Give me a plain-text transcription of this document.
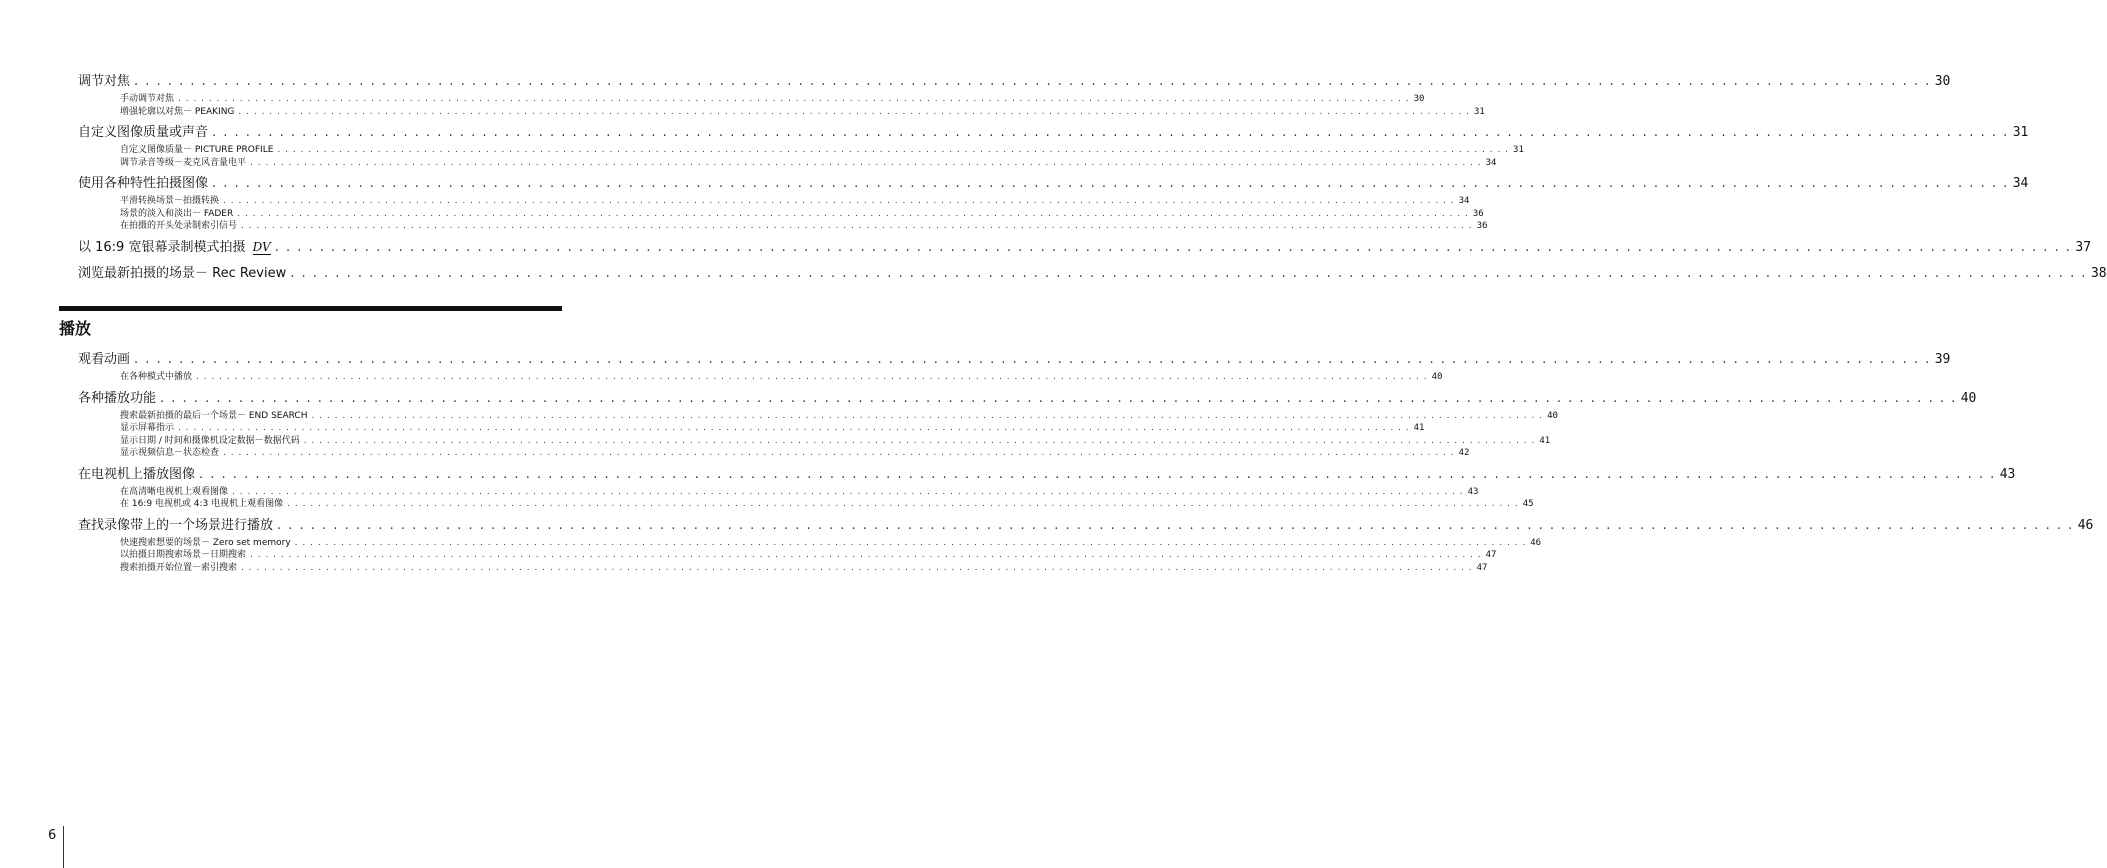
调节对焦 . . . . . . . . . . . . . . . . . . . . . . . . . . . . . . . . . . . . . . . . . . . . . . . . . . . . . . . . . . . . . . . . . . . . . . . . . . . . . . . . . . . . . . . . . . . . . . . . . . . . . . . . . . . . . . . . . . . . . . . . . . . . . . . . . . . . . . . . . . . . . . . . . . . . . . . . . . . . . . . . 30
手动调节对焦 . . . . . . . . . . . . . . . . . . . . . . . . . . . . . . . . . . . . . . . . . . . . . . . . . . . . . . . . . . . . . . . . . . . . . . . . . . . . . . . . . . . . . . . . . . . . . . . . . . . . . . . . . . . . . . . . . . . . . . . . . . . . . . . . . . . . . . . . . . . . . . . . . . . . . . . . . . . . . . . . 30
增强轮廓以对焦－ PEAKING . . . . . . . . . . . . . . . . . . . . . . . . . . . . . . . . . . . . . . . . . . . . . . . . . . . . . . . . . . . . . . . . . . . . . . . . . . . . . . . . . . . . . . . . . . . . . . . . . . . . . . . . . . . . . . . . . . . . . . . . . . . . . . . . . . . . . . . . . . . . . . . . . . . . . . . . . . . . . . . . 31
自定义图像质量或声音 . . . . . . . . . . . . . . . . . . . . . . . . . . . . . . . . . . . . . . . . . . . . . . . . . . . . . . . . . . . . . . . . . . . . . . . . . . . . . . . . . . . . . . . . . . . . . . . . . . . . . . . . . . . . . . . . . . . . . . . . . . . . . . . . . . . . . . . . . . . . . . . . . . . . . . . . . . . . . . . . 31
自定义图像质量－ PICTURE PROFILE . . . . . . . . . . . . . . . . . . . . . . . . . . . . . . . . . . . . . . . . . . . . . . . . . . . . . . . . . . . . . . . . . . . . . . . . . . . . . . . . . . . . . . . . . . . . . . . . . . . . . . . . . . . . . . . . . . . . . . . . . . . . . . . . . . . . . . . . . . . . . . . . . . . . . . . . . . . . . . . . 31
调节录音等级－麦克风音量电平 . . . . . . . . . . . . . . . . . . . . . . . . . . . . . . . . . . . . . . . . . . . . . . . . . . . . . . . . . . . . . . . . . . . . . . . . . . . . . . . . . . . . . . . . . . . . . . . . . . . . . . . . . . . . . . . . . . . . . . . . . . . . . . . . . . . . . . . . . . . . . . . . . . . . . . . . . . . . . . . . 34
使用各种特性拍摄图像 . . . . . . . . . . . . . . . . . . . . . . . . . . . . . . . . . . . . . . . . . . . . . . . . . . . . . . . . . . . . . . . . . . . . . . . . . . . . . . . . . . . . . . . . . . . . . . . . . . . . . . . . . . . . . . . . . . . . . . . . . . . . . . . . . . . . . . . . . . . . . . . . . . . . . . . . . . . . . . . . 34
平滑转换场景－拍摄转换 . . . . . . . . . . . . . . . . . . . . . . . . . . . . . . . . . . . . . . . . . . . . . . . . . . . . . . . . . . . . . . . . . . . . . . . . . . . . . . . . . . . . . . . . . . . . . . . . . . . . . . . . . . . . . . . . . . . . . . . . . . . . . . . . . . . . . . . . . . . . . . . . . . . . . . . . . . . . . . . . 34
场景的淡入和淡出－ FADER . . . . . . . . . . . . . . . . . . . . . . . . . . . . . . . . . . . . . . . . . . . . . . . . . . . . . . . . . . . . . . . . . . . . . . . . . . . . . . . . . . . . . . . . . . . . . . . . . . . . . . . . . . . . . . . . . . . . . . . . . . . . . . . . . . . . . . . . . . . . . . . . . . . . . . . . . . . . . . . . 36
在拍摄的开头处录制索引信号 . . . . . . . . . . . . . . . . . . . . . . . . . . . . . . . . . . . . . . . . . . . . . . . . . . . . . . . . . . . . . . . . . . . . . . . . . . . . . . . . . . . . . . . . . . . . . . . . . . . . . . . . . . . . . . . . . . . . . . . . . . . . . . . . . . . . . . . . . . . . . . . . . . . . . . . . . . . . . . . . 36
以 16:9 宽银幕录制模式拍摄 DV . . . . . . . . . . . . . . . . . . . . . . . . . . . . . . . . . . . . . . . . . . . . . . . . . . . . . . . . . . . . . . . . . . . . . . . . . . . . . . . . . . . . . . . . . . . . . . . . . . . . . . . . . . . . . . . . . . . . . . . . . . . . . . . . . . . . . . . . . . . . . . . . . . . . . . . . . . . . . . . . 37
浏览最新拍摄的场景－ Rec Review . . . . . . . . . . . . . . . . . . . . . . . . . . . . . . . . . . . . . . . . . . . . . . . . . . . . . . . . . . . . . . . . . . . . . . . . . . . . . . . . . . . . . . . . . . . . . . . . . . . . . . . . . . . . . . . . . . . . . . . . . . . . . . . . . . . . . . . . . . . . . . . . . . . . . . . . . . . . . . . . 38
播放
观看动画 . . . . . . . . . . . . . . . . . . . . . . . . . . . . . . . . . . . . . . . . . . . . . . . . . . . . . . . . . . . . . . . . . . . . . . . . . . . . . . . . . . . . . . . . . . . . . . . . . . . . . . . . . . . . . . . . . . . . . . . . . . . . . . . . . . . . . . . . . . . . . . . . . . . . . . . . . . . . . . . . 39
在各种模式中播放 . . . . . . . . . . . . . . . . . . . . . . . . . . . . . . . . . . . . . . . . . . . . . . . . . . . . . . . . . . . . . . . . . . . . . . . . . . . . . . . . . . . . . . . . . . . . . . . . . . . . . . . . . . . . . . . . . . . . . . . . . . . . . . . . . . . . . . . . . . . . . . . . . . . . . . . . . . . . . . . . 40
各种播放功能 . . . . . . . . . . . . . . . . . . . . . . . . . . . . . . . . . . . . . . . . . . . . . . . . . . . . . . . . . . . . . . . . . . . . . . . . . . . . . . . . . . . . . . . . . . . . . . . . . . . . . . . . . . . . . . . . . . . . . . . . . . . . . . . . . . . . . . . . . . . . . . . . . . . . . . . . . . . . . . . . 40
搜索最新拍摄的最后一个场景－ END SEARCH . . . . . . . . . . . . . . . . . . . . . . . . . . . . . . . . . . . . . . . . . . . . . . . . . . . . . . . . . . . . . . . . . . . . . . . . . . . . . . . . . . . . . . . . . . . . . . . . . . . . . . . . . . . . . . . . . . . . . . . . . . . . . . . . . . . . . . . . . . . . . . . . . . . . . . . . . . . . . . . . 40
显示屏幕指示 . . . . . . . . . . . . . . . . . . . . . . . . . . . . . . . . . . . . . . . . . . . . . . . . . . . . . . . . . . . . . . . . . . . . . . . . . . . . . . . . . . . . . . . . . . . . . . . . . . . . . . . . . . . . . . . . . . . . . . . . . . . . . . . . . . . . . . . . . . . . . . . . . . . . . . . . . . . . . . . . 41
显示日期 / 时间和摄像机设定数据－数据代码 . . . . . . . . . . . . . . . . . . . . . . . . . . . . . . . . . . . . . . . . . . . . . . . . . . . . . . . . . . . . . . . . . . . . . . . . . . . . . . . . . . . . . . . . . . . . . . . . . . . . . . . . . . . . . . . . . . . . . . . . . . . . . . . . . . . . . . . . . . . . . . . . . . . . . . . . . . . . . . . . 41
显示视频信息－状态检查 . . . . . . . . . . . . . . . . . . . . . . . . . . . . . . . . . . . . . . . . . . . . . . . . . . . . . . . . . . . . . . . . . . . . . . . . . . . . . . . . . . . . . . . . . . . . . . . . . . . . . . . . . . . . . . . . . . . . . . . . . . . . . . . . . . . . . . . . . . . . . . . . . . . . . . . . . . . . . . . . 42
在电视机上播放图像 . . . . . . . . . . . . . . . . . . . . . . . . . . . . . . . . . . . . . . . . . . . . . . . . . . . . . . . . . . . . . . . . . . . . . . . . . . . . . . . . . . . . . . . . . . . . . . . . . . . . . . . . . . . . . . . . . . . . . . . . . . . . . . . . . . . . . . . . . . . . . . . . . . . . . . . . . . . . . . . . 43
在高清晰电视机上观看图像 . . . . . . . . . . . . . . . . . . . . . . . . . . . . . . . . . . . . . . . . . . . . . . . . . . . . . . . . . . . . . . . . . . . . . . . . . . . . . . . . . . . . . . . . . . . . . . . . . . . . . . . . . . . . . . . . . . . . . . . . . . . . . . . . . . . . . . . . . . . . . . . . . . . . . . . . . . . . . . . . 43
在 16:9 电视机或 4:3 电视机上观看图像 . . . . . . . . . . . . . . . . . . . . . . . . . . . . . . . . . . . . . . . . . . . . . . . . . . . . . . . . . . . . . . . . . . . . . . . . . . . . . . . . . . . . . . . . . . . . . . . . . . . . . . . . . . . . . . . . . . . . . . . . . . . . . . . . . . . . . . . . . . . . . . . . . . . . . . . . . . . . . . . . 45
查找录像带上的一个场景进行播放 . . . . . . . . . . . . . . . . . . . . . . . . . . . . . . . . . . . . . . . . . . . . . . . . . . . . . . . . . . . . . . . . . . . . . . . . . . . . . . . . . . . . . . . . . . . . . . . . . . . . . . . . . . . . . . . . . . . . . . . . . . . . . . . . . . . . . . . . . . . . . . . . . . . . . . . . . . . . . . . . 46
快速搜索想要的场景－ Zero set memory . . . . . . . . . . . . . . . . . . . . . . . . . . . . . . . . . . . . . . . . . . . . . . . . . . . . . . . . . . . . . . . . . . . . . . . . . . . . . . . . . . . . . . . . . . . . . . . . . . . . . . . . . . . . . . . . . . . . . . . . . . . . . . . . . . . . . . . . . . . . . . . . . . . . . . . . . . . . . . . . 46
以拍摄日期搜索场景－日期搜索 . . . . . . . . . . . . . . . . . . . . . . . . . . . . . . . . . . . . . . . . . . . . . . . . . . . . . . . . . . . . . . . . . . . . . . . . . . . . . . . . . . . . . . . . . . . . . . . . . . . . . . . . . . . . . . . . . . . . . . . . . . . . . . . . . . . . . . . . . . . . . . . . . . . . . . . . . . . . . . . . 47
搜索拍摄开始位置－索引搜索 . . . . . . . . . . . . . . . . . . . . . . . . . . . . . . . . . . . . . . . . . . . . . . . . . . . . . . . . . . . . . . . . . . . . . . . . . . . . . . . . . . . . . . . . . . . . . . . . . . . . . . . . . . . . . . . . . . . . . . . . . . . . . . . . . . . . . . . . . . . . . . . . . . . . . . . . . . . . . . . . 47
6
